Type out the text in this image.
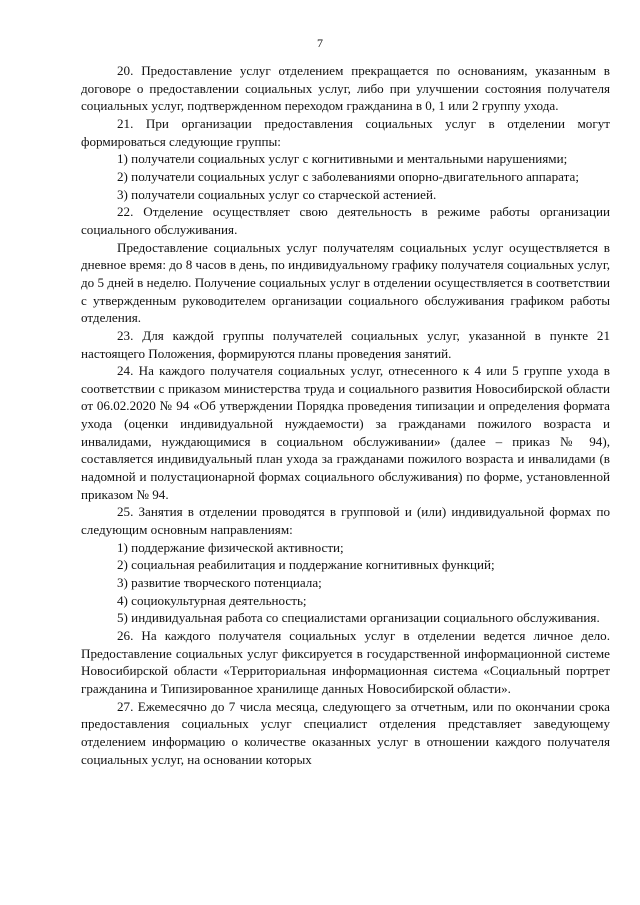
7

20. Предоставление услуг отделением прекращается по основаниям, указанным в договоре о предоставлении социальных услуг, либо при улучшении состояния получателя социальных услуг, подтвержденном переходом гражданина в 0, 1 или 2 группу ухода.

21. При организации предоставления социальных услуг в отделении могут формироваться следующие группы:

1) получатели социальных услуг с когнитивными и ментальными нарушениями;

2) получатели социальных услуг с заболеваниями опорно-двигательного аппарата;

3) получатели социальных услуг со старческой астенией.

22. Отделение осуществляет свою деятельность в режиме работы организации социального обслуживания.

Предоставление социальных услуг получателям социальных услуг осуществляется в дневное время: до 8 часов в день, по индивидуальному графику получателя социальных услуг, до 5 дней в неделю. Получение социальных услуг в отделении осуществляется в соответствии с утвержденным руководителем организации социального обслуживания графиком работы отделения.

23. Для каждой группы получателей социальных услуг, указанной в пункте 21 настоящего Положения, формируются планы проведения занятий.

24. На каждого получателя социальных услуг, отнесенного к 4 или 5 группе ухода в соответствии с приказом министерства труда и социального развития Новосибирской области от 06.02.2020 № 94 «Об утверждении Порядка проведения типизации и определения формата ухода (оценки индивидуальной нуждаемости) за гражданами пожилого возраста и инвалидами, нуждающимися в социальном обслуживании» (далее – приказ № 94), составляется индивидуальный план ухода за гражданами пожилого возраста и инвалидами (в надомной и полустационарной формах социального обслуживания) по форме, установленной приказом № 94.

25. Занятия в отделении проводятся в групповой и (или) индивидуальной формах по следующим основным направлениям:

1) поддержание физической активности;

2) социальная реабилитация и поддержание когнитивных функций;

3) развитие творческого потенциала;

4) социокультурная деятельность;

5) индивидуальная работа со специалистами организации социального обслуживания.

26. На каждого получателя социальных услуг в отделении ведется личное дело. Предоставление социальных услуг фиксируется в государственной информационной системе Новосибирской области «Территориальная информационная система «Социальный портрет гражданина и Типизированное хранилище данных Новосибирской области».

27. Ежемесячно до 7 числа месяца, следующего за отчетным, или по окончании срока предоставления социальных услуг специалист отделения представляет заведующему отделением информацию о количестве оказанных услуг в отношении каждого получателя социальных услуг, на основании которых
